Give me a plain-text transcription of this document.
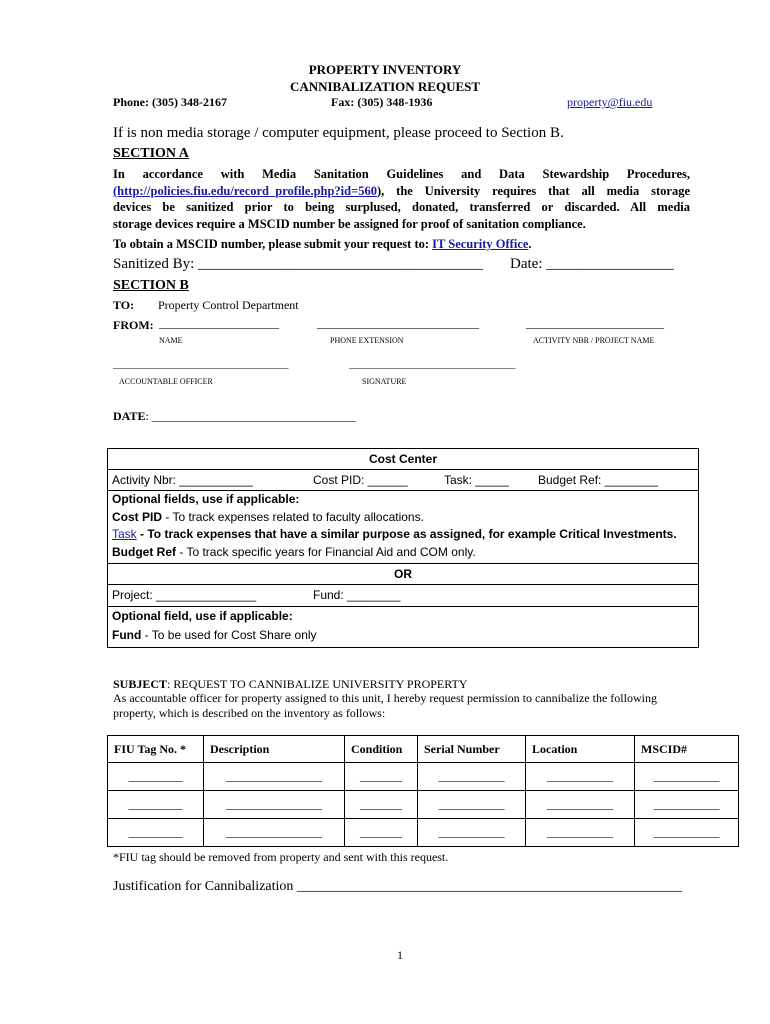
PROPERTY INVENTORY
CANNIBALIZATION REQUEST
Phone: (305) 348-2167	Fax: (305) 348-1936	property@fiu.edu
If is non media storage / computer equipment, please proceed to Section B.
SECTION A
In accordance with Media Sanitation Guidelines and Data Stewardship Procedures,
(http://policies.fiu.edu/record_profile.php?id=560), the University requires that all media storage
devices be sanitized prior to being surplused, donated, transferred or discarded. All media
storage devices require a MSCID number be assigned for proof of sanitation compliance.
To obtain a MSCID number, please submit your request to: IT Security Office.
Sanitized By: ______________________________________ Date: _________________
SECTION B
TO: Property Control Department
FROM: ____________________	___________________________	_______________________
NAME	PHONE EXTENSION	ACTIVITY NBR / PROJECT NAME
_______________________________________	_____________________________________
ACCOUNTABLE OFFICER	SIGNATURE
DATE: __________________________________
Cost Center
Activity Nbr: ___________	Cost PID: ______	Task: _____ Budget Ref: ________
Optional fields, use if applicable:
Cost PID - To track expenses related to faculty allocations.
Task - To track expenses that have a similar purpose as assigned, for example Critical Investments.
Budget Ref - To track specific years for Financial Aid and COM only.
OR
Project: _______________	Fund: ________
Optional field, use if applicable:
Fund - To be used for Cost Share only
SUBJECT: REQUEST TO CANNIBALIZE UNIVERSITY PROPERTY
As accountable officer for property assigned to this unit, I hereby request permission to cannibalize the following
property, which is described on the inventory as follows:
FIU Tag No. *	Description	Condition	Serial Number	Location	MSCID#
_________	________________	_______	___________	___________	___________
_________	________________	_______	___________	___________	___________
_________	________________	_______	___________	___________	___________
*FIU tag should be removed from property and sent with this request.
Justification for Cannibalization _______________________________________________________
1
